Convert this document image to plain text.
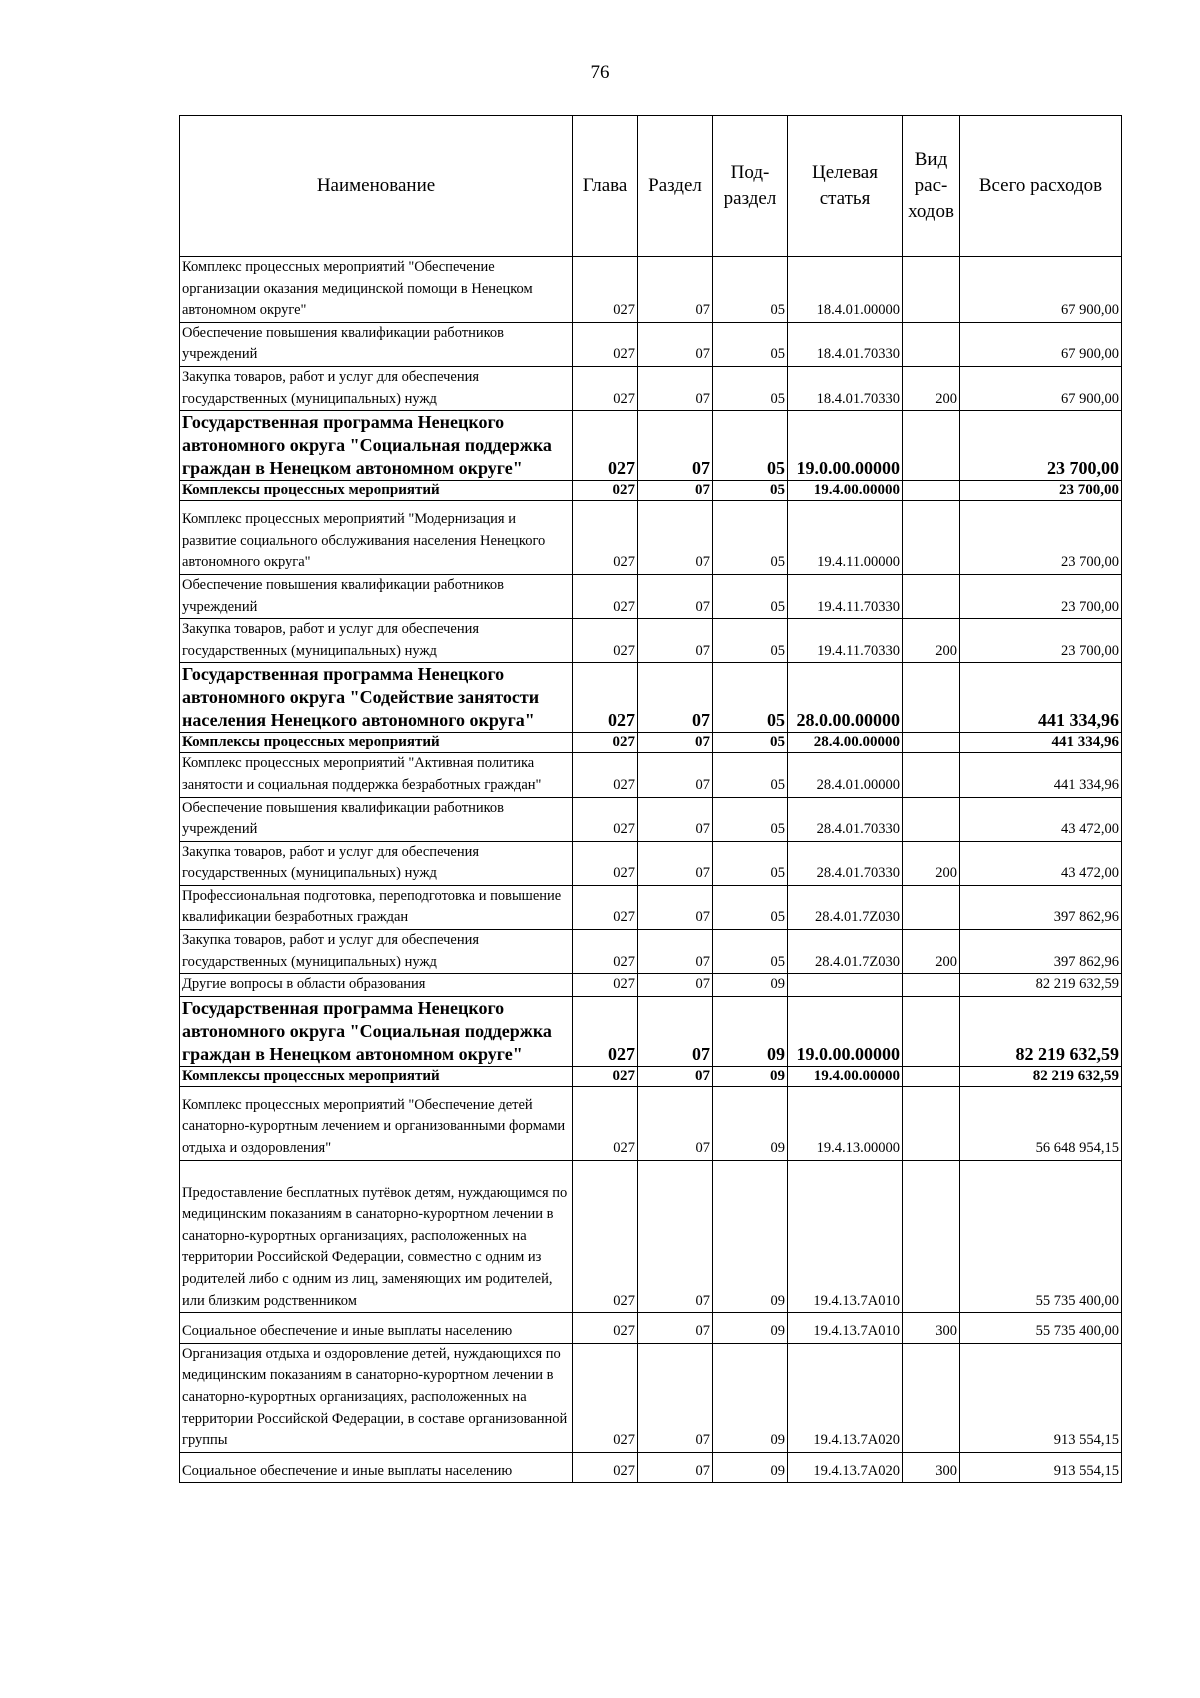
76
Наименование	Глава	Раздел	Под-раздел	Целевая статья	Вид рас-ходов	Всего расходов
Комплекс процессных мероприятий "Обеспечение организации оказания медицинской помощи в Ненецком автономном округе"	027	07	05	18.4.01.00000		67 900,00
Обеспечение повышения квалификации работников учреждений	027	07	05	18.4.01.70330		67 900,00
Закупка товаров, работ и услуг для обеспечения государственных (муниципальных) нужд	027	07	05	18.4.01.70330	200	67 900,00
Государственная программа Ненецкого автономного округа "Социальная поддержка граждан в Ненецком автономном округе"	027	07	05	19.0.00.00000		23 700,00
Комплексы процессных мероприятий	027	07	05	19.4.00.00000		23 700,00
Комплекс процессных мероприятий "Модернизация и развитие социального обслуживания населения Ненецкого автономного округа"	027	07	05	19.4.11.00000		23 700,00
Обеспечение повышения квалификации работников учреждений	027	07	05	19.4.11.70330		23 700,00
Закупка товаров, работ и услуг для обеспечения государственных (муниципальных) нужд	027	07	05	19.4.11.70330	200	23 700,00
Государственная программа Ненецкого автономного округа "Содействие занятости населения Ненецкого автономного округа"	027	07	05	28.0.00.00000		441 334,96
Комплексы процессных мероприятий	027	07	05	28.4.00.00000		441 334,96
Комплекс процессных мероприятий "Активная политика занятости и социальная поддержка безработных граждан"	027	07	05	28.4.01.00000		441 334,96
Обеспечение повышения квалификации работников учреждений	027	07	05	28.4.01.70330		43 472,00
Закупка товаров, работ и услуг для обеспечения государственных (муниципальных) нужд	027	07	05	28.4.01.70330	200	43 472,00
Профессиональная подготовка, переподготовка и повышение квалификации безработных граждан	027	07	05	28.4.01.7Z030		397 862,96
Закупка товаров, работ и услуг для обеспечения государственных (муниципальных) нужд	027	07	05	28.4.01.7Z030	200	397 862,96
Другие вопросы в области образования	027	07	09			82 219 632,59
Государственная программа Ненецкого автономного округа "Социальная поддержка граждан в Ненецком автономном округе"	027	07	09	19.0.00.00000		82 219 632,59
Комплексы процессных мероприятий	027	07	09	19.4.00.00000		82 219 632,59
Комплекс процессных мероприятий "Обеспечение детей санаторно-курортным лечением и организованными формами отдыха и оздоровления"	027	07	09	19.4.13.00000		56 648 954,15
Предоставление бесплатных путёвок детям, нуждающимся по медицинским показаниям в санаторно-курортном лечении в санаторно-курортных организациях, расположенных на территории Российской Федерации, совместно с одним из родителей либо с одним из лиц, заменяющих им родителей, или близким родственником	027	07	09	19.4.13.7А010		55 735 400,00
Социальное обеспечение и иные выплаты населению	027	07	09	19.4.13.7А010	300	55 735 400,00
Организация отдыха и оздоровление детей, нуждающихся по медицинским показаниям в санаторно-курортном лечении в санаторно-курортных организациях, расположенных на территории Российской Федерации, в составе организованной группы	027	07	09	19.4.13.7А020		913 554,15
Социальное обеспечение и иные выплаты населению	027	07	09	19.4.13.7А020	300	913 554,15
